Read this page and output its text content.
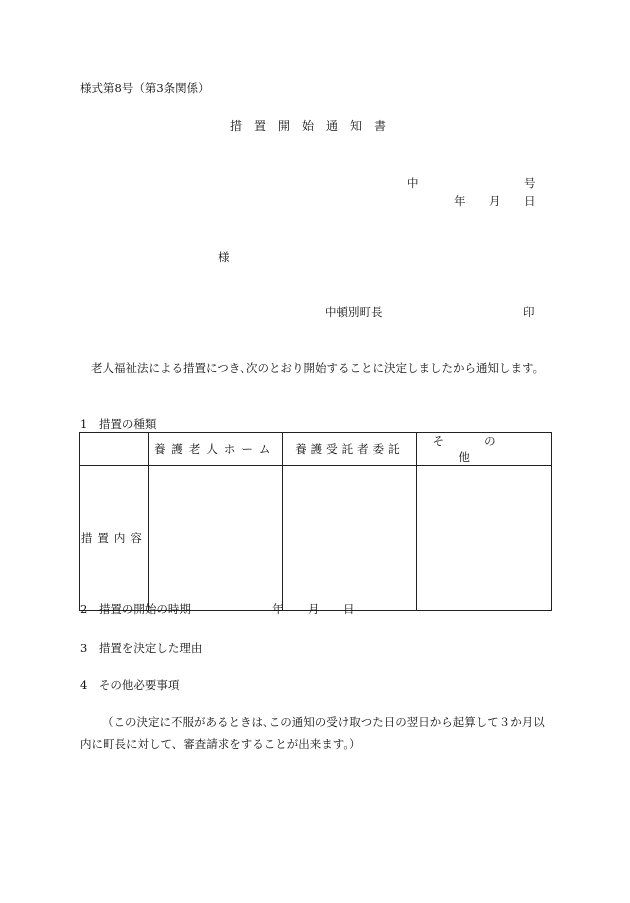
様式第8号（第3条関係）
措　置　開　始　通　知　書
中	号
年 月 日
様
中頓別町長	印
老人福祉法による措置につき､次のとおり開始することに決定しましたから通知します。
1　措置の種類
	養護老人ホーム	養護受託者委託	その他
措置内容			
2　措置の開始の時期	年 月 日
3　措置を決定した理由
4　その他必要事項
（この決定に不服があるときは､この通知の受け取つた日の翌日から起算して３か月以内に町長に対して、審査請求をすることが出来ます。）
